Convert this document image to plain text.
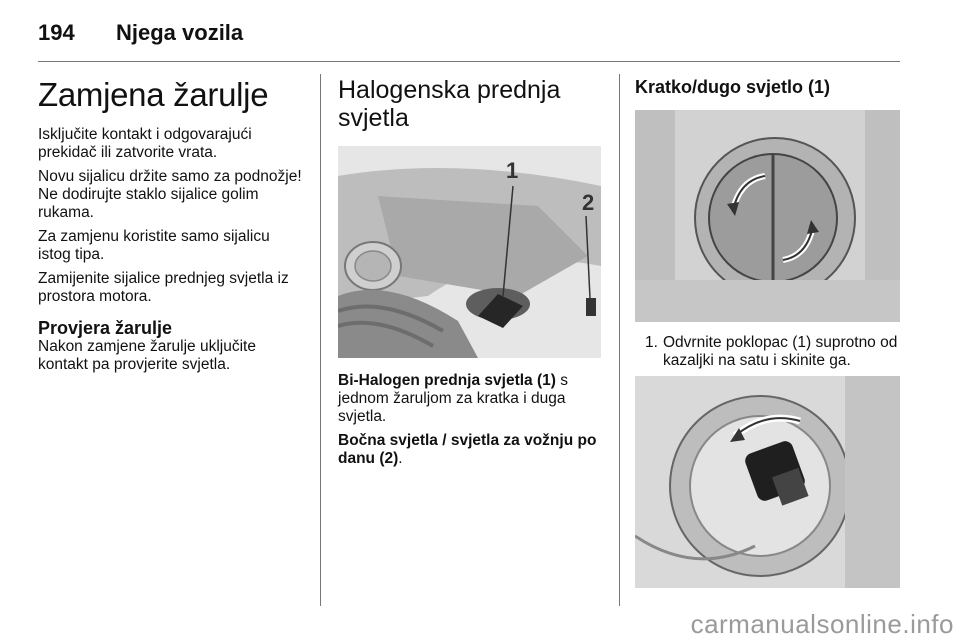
194 Njega vozila
Zamjena žarulje

Isključite kontakt i odgovarajući prekidač ili zatvorite vrata.

Novu sijalicu držite samo za podnožje! Ne dodirujte staklo sijalice golim rukama.

Za zamjenu koristite samo sijalicu istog tipa.

Zamijenite sijalice prednjeg svjetla iz prostora motora.

Provjera žarulje

Nakon zamjene žarulje uključite kontakt pa provjerite svjetla.

Halogenska prednja svjetla
1
2

Bi-Halogen prednja svjetla (1) s jednom žaruljom za kratka i duga svjetla.

Bočna svjetla / svjetla za vožnju po danu (2).

Kratko/dugo svjetlo (1)
1. Odvrnite poklopac (1) suprotno od kazaljki na satu i skinite ga.
carmanualsonline.info
